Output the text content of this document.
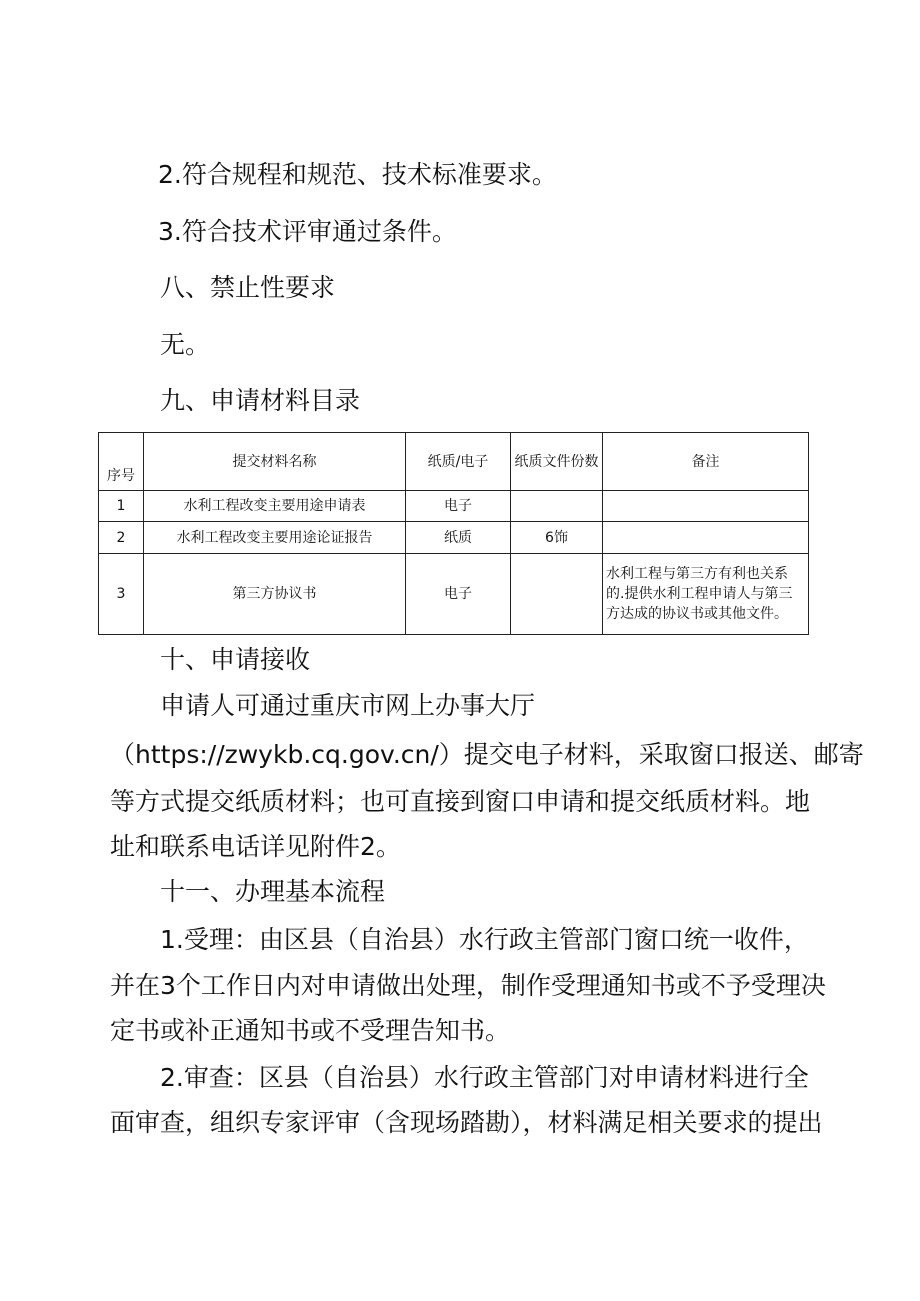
2.符合规程和规范、技术标准要求。
3.符合技术评审通过条件。
八、禁止性要求
无。
九、申请材料目录
序号	提交材料名称	纸质/电子	纸质文件份数	备注
1	水利工程改变主要用途申请表	电子		
2	水利工程改变主要用途论证报告	纸质	6饰	
3	第三方协议书	电子		水利工程与第三方有利也关系的.提供水利工程申请人与第三方达成的协议书或其他文件。
十、申请接收
申请人可通过重庆市网上办事大厅
（https://zwykb.cq.gov.cn/）提交电子材料，采取窗口报送、邮寄
等方式提交纸质材料；也可直接到窗口申请和提交纸质材料。地
址和联系电话详见附件2。
十一、办理基本流程
1.受理：由区县（自治县）水行政主管部门窗口统一收件，
并在3个工作日内对申请做出处理，制作受理通知书或不予受理决
定书或补正通知书或不受理告知书。
2.审查：区县（自治县）水行政主管部门对申请材料进行全
面审查，组织专家评审（含现场踏勘），材料满足相关要求的提出
